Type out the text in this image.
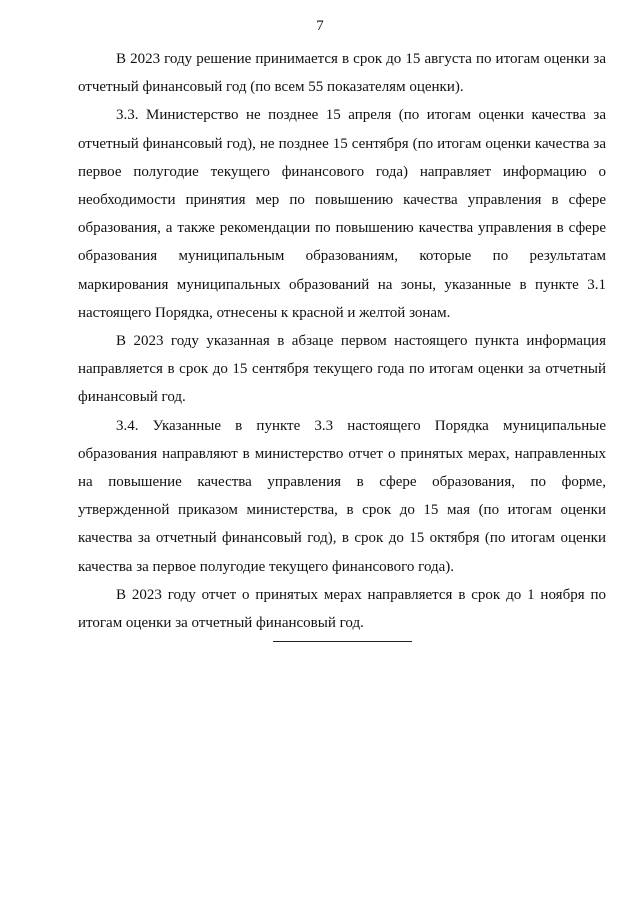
7

В 2023 году решение принимается в срок до 15 августа по итогам оценки за отчетный финансовый год (по всем 55 показателям оценки).

3.3. Министерство не позднее 15 апреля (по итогам оценки качества за отчетный финансовый год), не позднее 15 сентября (по итогам оценки качества за первое полугодие текущего финансового года) направляет информацию о необходимости принятия мер по повышению качества управления в сфере образования, а также рекомендации по повышению качества управления в сфере образования муниципальным образованиям, которые по результатам маркирования муниципальных образований на зоны, указанные в пункте 3.1 настоящего Порядка, отнесены к красной и желтой зонам.

В 2023 году указанная в абзаце первом настоящего пункта информация направляется в срок до 15 сентября текущего года по итогам оценки за отчетный финансовый год.

3.4. Указанные в пункте 3.3 настоящего Порядка муниципальные образования направляют в министерство отчет о принятых мерах, направленных на повышение качества управления в сфере образования, по форме, утвержденной приказом министерства, в срок до 15 мая (по итогам оценки качества за отчетный финансовый год), в срок до 15 октября (по итогам оценки качества за первое полугодие текущего финансового года).

В 2023 году отчет о принятых мерах направляется в срок до 1 ноября по итогам оценки за отчетный финансовый год.
